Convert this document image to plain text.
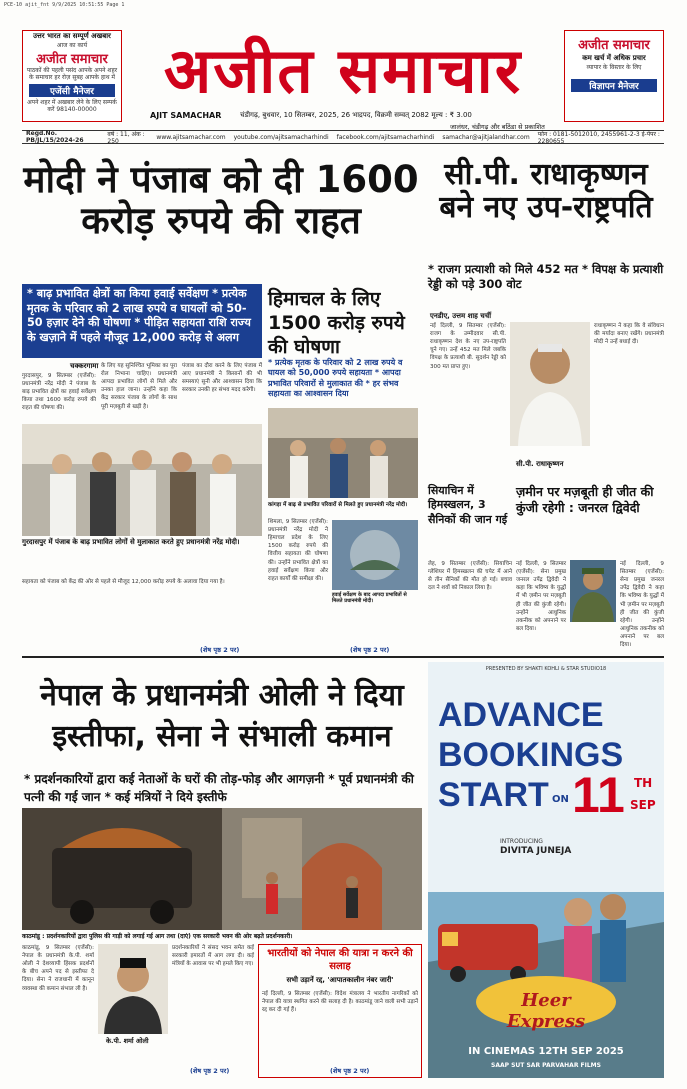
PCE-10 ajit_fnt 9/9/2025 10:51:55 Page 1
उत्तर भारत का सम्पूर्ण अखबार
आज का कार्य
अजीत समाचार
पाठकों की पहली पसंद आपके अपने शहर के समाचार हर रोज़ सुबह आपके हाथ में
एजेंसी मैनेजर
अपने शहर में अखबार लेने के लिए सम्पर्क करें 98140-00000
अजीत समाचार
AJIT SAMACHAR	चंडीगढ़, बुधवार, 10 सितम्बर, 2025, 26 भाद्रपद, विक्रमी सम्वत् 2082 मूल्य : ₹ 3.00
जालंधर, चंडीगढ़ और बठिंडा से प्रकाशित
अजीत समाचार
कम खर्च में अधिक प्रचार
व्यापार के विस्तार के लिए
विज्ञापन मैनेजर
Regd.No. PB/JL/15/2024-26
वर्ष : 11, अंक : 250
www.ajitsamachar.com youtube.com/ajitsamacharhindi facebook.com/ajitsamacharhindi samachar@ajitjalandhar.com फोन : 0181-5012010, 2455961-2-3 ई-पेपर : 2280655
मोदी ने पंजाब को दी 1600 करोड़ रुपये की राहत
* बाढ़ प्रभावित क्षेत्रों का किया हवाई सर्वेक्षण * प्रत्येक मृतक के परिवार को 2 लाख रुपये व घायलों को 50-50 हज़ार देने की घोषणा * पीड़ित सहायता राशि राज्य के खज़ाने में पहले मौजूद 12,000 करोड़ से अलग
चक्करगामा
गुरदासपुर, 9 सितम्बर (एजेंसी): प्रधानमंत्री नरेंद्र मोदी ने पंजाब के बाढ़ प्रभावित क्षेत्रों का हवाई सर्वेक्षण किया तथा 1600 करोड़ रुपये की राहत की घोषणा की।
के लिए यह सुनिश्चित भूमिका का पूरा रोल निभाना चाहिए। प्रधानमंत्री आपदा प्रभावित लोगों से मिले और उनका हाल जाना। उन्होंने कहा कि केंद्र सरकार पंजाब के लोगों के साथ पूरी मज़बूती से खड़ी है।
पंजाब का दौरा करने के लिए पंजाब में आए प्रधानमंत्री ने किसानों की भी समस्याएं सुनी और आश्वासन दिया कि सरकार उनकी हर संभव मदद करेगी।
गुरदासपुर में पंजाब के बाढ़ प्रभावित लोगों से मुलाकात करते हुए प्रधानमंत्री नरेंद्र मोदी।
सहायता को पंजाब को केंद्र की ओर से पहले से मौजूद 12,000 करोड़ रुपये के अलावा दिया गया है।
(शेष पृष्ठ 2 पर)
हिमाचल के लिए 1500 करोड़ रुपये की घोषणा
* प्रत्येक मृतक के परिवार को 2 लाख रुपये व घायल को 50,000 रुपये सहायता * आपदा प्रभावित परिवारों से मुलाकात की * हर संभव सहायता का आश्वासन दिया
कांगड़ा में बाढ़ से प्रभावित परिवारों से मिलते हुए प्रधानमंत्री नरेंद्र मोदी।
शिमला, 9 सितम्बर (एजेंसी): प्रधानमंत्री नरेंद्र मोदी ने हिमाचल प्रदेश के लिए 1500 करोड़ रुपये की वित्तीय सहायता की घोषणा की। उन्होंने प्रभावित क्षेत्रों का हवाई सर्वेक्षण किया और राहत कार्यों की समीक्षा की।
हवाई सर्वेक्षण के बाद आपदा प्रभावितों से मिलते प्रधानमंत्री मोदी।
(शेष पृष्ठ 2 पर)
सी.पी. राधाकृष्णन बने नए उप-राष्ट्रपति
* राजग प्रत्याशी को मिले 452 मत * विपक्ष के प्रत्याशी रेड्डी को पड़े 300 वोट
एनडीए, उत्तम शाह चर्ची
नई दिल्ली, 9 सितम्बर (एजेंसी): राजग के उम्मीदवार सी.पी. राधाकृष्णन देश के नए उप-राष्ट्रपति चुने गए। उन्हें 452 मत मिले जबकि विपक्ष के प्रत्याशी बी. सुदर्शन रेड्डी को 300 मत प्राप्त हुए।
सी.पी. राधाकृष्णन
राधाकृष्णन ने कहा कि वे संविधान की मर्यादा बनाए रखेंगे। प्रधानमंत्री मोदी ने उन्हें बधाई दी।
सियाचिन में हिमस्खलन, 3 सैनिकों की जान गई
लेह, 9 सितम्बर (एजेंसी): सियाचिन ग्लेशियर में हिमस्खलन की चपेट में आने से तीन सैनिकों की मौत हो गई। बचाव दल ने शवों को निकाल लिया है।
ज़मीन पर मज़बूती ही जीत की कुंजी रहेगी : जनरल द्विवेदी
नई दिल्ली, 9 सितम्बर (एजेंसी): सेना प्रमुख जनरल उपेंद्र द्विवेदी ने कहा कि भविष्य के युद्धों में भी ज़मीन पर मज़बूती ही जीत की कुंजी रहेगी। उन्होंने आधुनिक तकनीक को अपनाने पर बल दिया।
नई दिल्ली, 9 सितम्बर (एजेंसी): सेना प्रमुख जनरल उपेंद्र द्विवेदी ने कहा कि भविष्य के युद्धों में भी ज़मीन पर मज़बूती ही जीत की कुंजी रहेगी। उन्होंने आधुनिक तकनीक को अपनाने पर बल दिया।
नेपाल के प्रधानमंत्री ओली ने दिया इस्तीफा, सेना ने संभाली कमान
* प्रदर्शनकारियों द्वारा कई नेताओं के घरों की तोड़-फोड़ और आगज़नी * पूर्व प्रधानमंत्री की पत्नी की गई जान * कई मंत्रियों ने दिये इस्तीफे
काठमांडू : प्रदर्शनकारियों द्वारा पुलिस की गाड़ी को लगाई गई आग तथा (दाएं) एक सरकारी भवन की ओर बढ़ते प्रदर्शनकारी।
काठमांडू, 9 सितम्बर (एजेंसी): नेपाल के प्रधानमंत्री के.पी. शर्मा ओली ने देशव्यापी हिंसक प्रदर्शनों के बीच अपने पद से इस्तीफा दे दिया। सेना ने राजधानी में कानून व्यवस्था की कमान संभाल ली है।
के.पी. शर्मा ओली
प्रदर्शनकारियों ने संसद भवन समेत कई सरकारी इमारतों में आग लगा दी। कई मंत्रियों के आवास पर भी हमले किए गए।
(शेष पृष्ठ 2 पर)
भारतीयों को नेपाल की यात्रा न करने की सलाह
सभी उड़ानें रद्द, 'आपातकालीन नंबर जारी'
नई दिल्ली, 9 सितम्बर (एजेंसी): विदेश मंत्रालय ने भारतीय नागरिकों को नेपाल की यात्रा स्थगित करने की सलाह दी है। काठमांडू जाने वाली सभी उड़ानें रद्द कर दी गई हैं।
(शेष पृष्ठ 2 पर)
PRESENTED BY SHAKTI KOHLI & STAR STUDIO18
ADVANCE
BOOKINGS
START ON 11 TH
SEP
INTRODUCING
DIVITA JUNEJA
Heer Express
IN CINEMAS 12TH SEP 2025
SAAP SUT SAR PARVAHAR FILMS
